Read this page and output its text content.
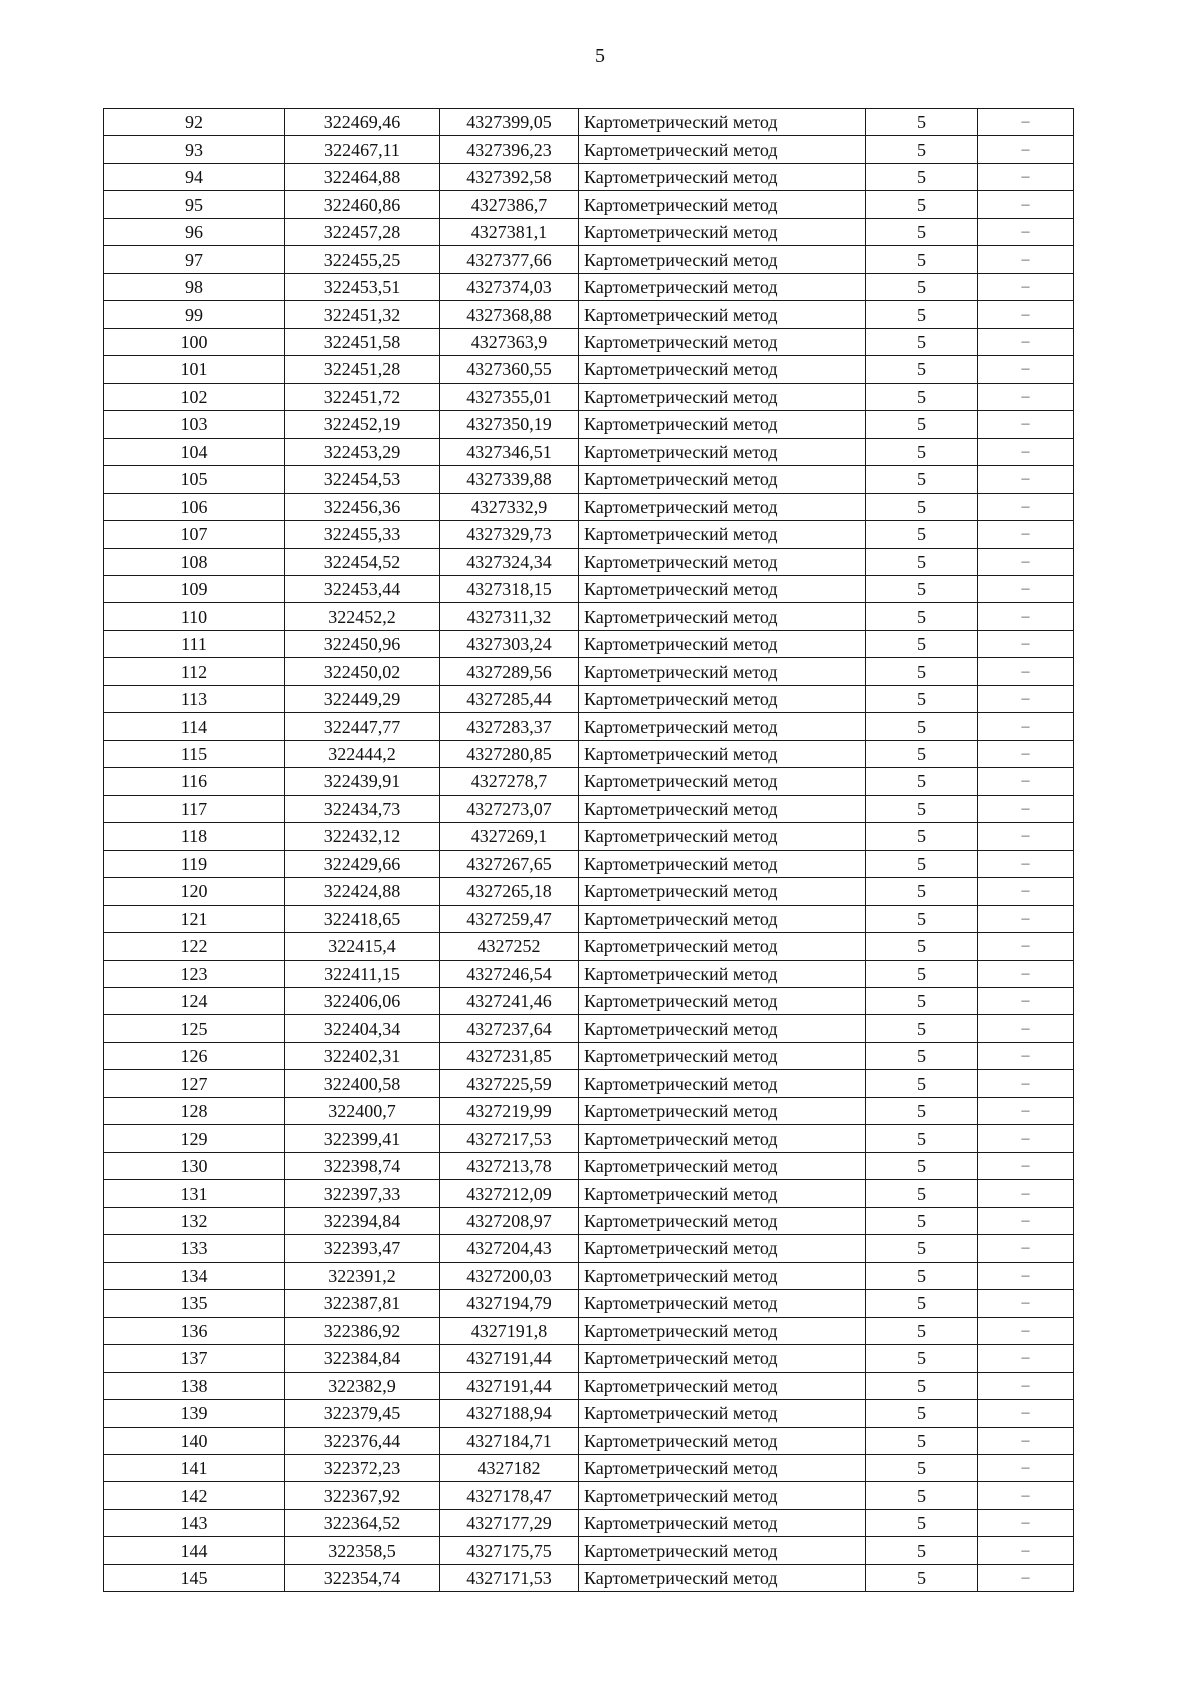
5
92	322469,46	4327399,05	Картометрический метод	5	–
93	322467,11	4327396,23	Картометрический метод	5	–
94	322464,88	4327392,58	Картометрический метод	5	–
95	322460,86	4327386,7	Картометрический метод	5	–
96	322457,28	4327381,1	Картометрический метод	5	–
97	322455,25	4327377,66	Картометрический метод	5	–
98	322453,51	4327374,03	Картометрический метод	5	–
99	322451,32	4327368,88	Картометрический метод	5	–
100	322451,58	4327363,9	Картометрический метод	5	–
101	322451,28	4327360,55	Картометрический метод	5	–
102	322451,72	4327355,01	Картометрический метод	5	–
103	322452,19	4327350,19	Картометрический метод	5	–
104	322453,29	4327346,51	Картометрический метод	5	–
105	322454,53	4327339,88	Картометрический метод	5	–
106	322456,36	4327332,9	Картометрический метод	5	–
107	322455,33	4327329,73	Картометрический метод	5	–
108	322454,52	4327324,34	Картометрический метод	5	–
109	322453,44	4327318,15	Картометрический метод	5	–
110	322452,2	4327311,32	Картометрический метод	5	–
111	322450,96	4327303,24	Картометрический метод	5	–
112	322450,02	4327289,56	Картометрический метод	5	–
113	322449,29	4327285,44	Картометрический метод	5	–
114	322447,77	4327283,37	Картометрический метод	5	–
115	322444,2	4327280,85	Картометрический метод	5	–
116	322439,91	4327278,7	Картометрический метод	5	–
117	322434,73	4327273,07	Картометрический метод	5	–
118	322432,12	4327269,1	Картометрический метод	5	–
119	322429,66	4327267,65	Картометрический метод	5	–
120	322424,88	4327265,18	Картометрический метод	5	–
121	322418,65	4327259,47	Картометрический метод	5	–
122	322415,4	4327252	Картометрический метод	5	–
123	322411,15	4327246,54	Картометрический метод	5	–
124	322406,06	4327241,46	Картометрический метод	5	–
125	322404,34	4327237,64	Картометрический метод	5	–
126	322402,31	4327231,85	Картометрический метод	5	–
127	322400,58	4327225,59	Картометрический метод	5	–
128	322400,7	4327219,99	Картометрический метод	5	–
129	322399,41	4327217,53	Картометрический метод	5	–
130	322398,74	4327213,78	Картометрический метод	5	–
131	322397,33	4327212,09	Картометрический метод	5	–
132	322394,84	4327208,97	Картометрический метод	5	–
133	322393,47	4327204,43	Картометрический метод	5	–
134	322391,2	4327200,03	Картометрический метод	5	–
135	322387,81	4327194,79	Картометрический метод	5	–
136	322386,92	4327191,8	Картометрический метод	5	–
137	322384,84	4327191,44	Картометрический метод	5	–
138	322382,9	4327191,44	Картометрический метод	5	–
139	322379,45	4327188,94	Картометрический метод	5	–
140	322376,44	4327184,71	Картометрический метод	5	–
141	322372,23	4327182	Картометрический метод	5	–
142	322367,92	4327178,47	Картометрический метод	5	–
143	322364,52	4327177,29	Картометрический метод	5	–
144	322358,5	4327175,75	Картометрический метод	5	–
145	322354,74	4327171,53	Картометрический метод	5	–
